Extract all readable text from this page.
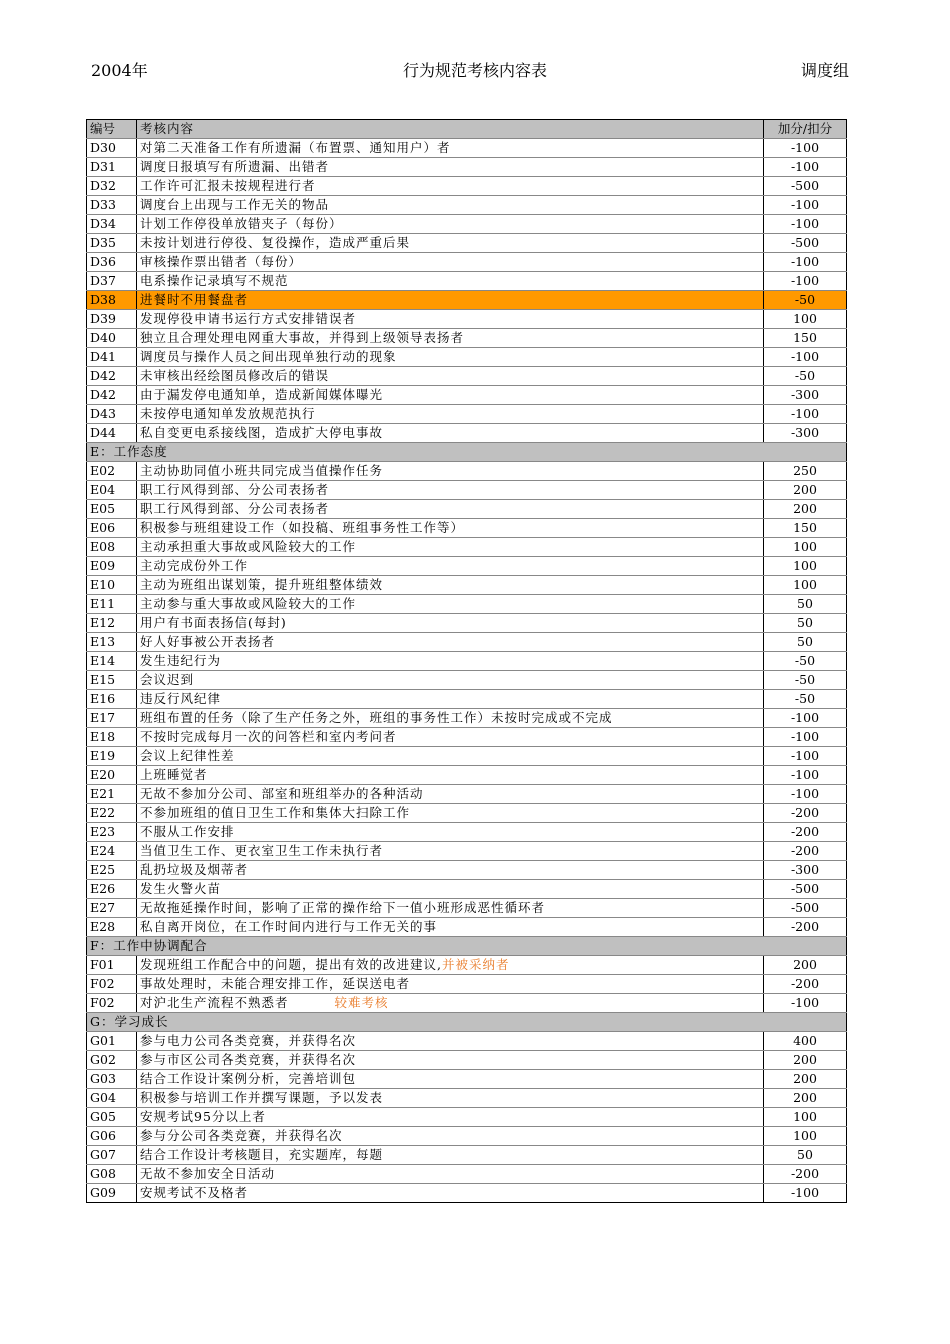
2004年	行为规范考核内容表	调度组
编号	考核内容	加分/扣分
D30	对第二天准备工作有所遗漏（布置票、通知用户）者	-100
D31	调度日报填写有所遗漏、出错者	-100
D32	工作许可汇报未按规程进行者	-500
D33	调度台上出现与工作无关的物品	-100
D34	计划工作停役单放错夹子（每份）	-100
D35	未按计划进行停役、复役操作，造成严重后果	-500
D36	审核操作票出错者（每份）	-100
D37	电系操作记录填写不规范	-100
D38	进餐时不用餐盘者	-50
D39	发现停役申请书运行方式安排错误者	100
D40	独立且合理处理电网重大事故，并得到上级领导表扬者	150
D41	调度员与操作人员之间出现单独行动的现象	-100
D42	未审核出经绘图员修改后的错误	-50
D42	由于漏发停电通知单，造成新闻媒体曝光	-300
D43	未按停电通知单发放规范执行	-100
D44	私自变更电系接线图，造成扩大停电事故	-300
E：工作态度		
E02	主动协助同值小班共同完成当值操作任务	250
E04	职工行风得到部、分公司表扬者	200
E05	职工行风得到部、分公司表扬者	200
E06	积极参与班组建设工作（如投稿、班组事务性工作等）	150
E08	主动承担重大事故或风险较大的工作	100
E09	主动完成份外工作	100
E10	主动为班组出谋划策，提升班组整体绩效	100
E11	主动参与重大事故或风险较大的工作	50
E12	用户有书面表扬信(每封)	50
E13	好人好事被公开表扬者	50
E14	发生违纪行为	-50
E15	会议迟到	-50
E16	违反行风纪律	-50
E17	班组布置的任务（除了生产任务之外，班组的事务性工作）未按时完成或不完成	-100
E18	不按时完成每月一次的问答栏和室内考问者	-100
E19	会议上纪律性差	-100
E20	上班睡觉者	-100
E21	无故不参加分公司、部室和班组举办的各种活动	-100
E22	不参加班组的值日卫生工作和集体大扫除工作	-200
E23	不服从工作安排	-200
E24	当值卫生工作、更衣室卫生工作未执行者	-200
E25	乱扔垃圾及烟蒂者	-300
E26	发生火警火苗	-500
E27	无故拖延操作时间，影响了正常的操作给下一值小班形成恶性循环者	-500
E28	私自离开岗位，在工作时间内进行与工作无关的事	-200
F：工作中协调配合		
F01	发现班组工作配合中的问题，提出有效的改进建议,并被采纳者	200
F02	事故处理时，未能合理安排工作，延误送电者	-200
F02	对沪北生产流程不熟悉者 较难考核	-100
G：学习成长		
G01	参与电力公司各类竞赛，并获得名次	400
G02	参与市区公司各类竞赛，并获得名次	200
G03	结合工作设计案例分析，完善培训包	200
G04	积极参与培训工作并撰写课题，予以发表	200
G05	安规考试95分以上者	100
G06	参与分公司各类竞赛，并获得名次	100
G07	结合工作设计考核题目，充实题库，每题	50
G08	无故不参加安全日活动	-200
G09	安规考试不及格者	-100
